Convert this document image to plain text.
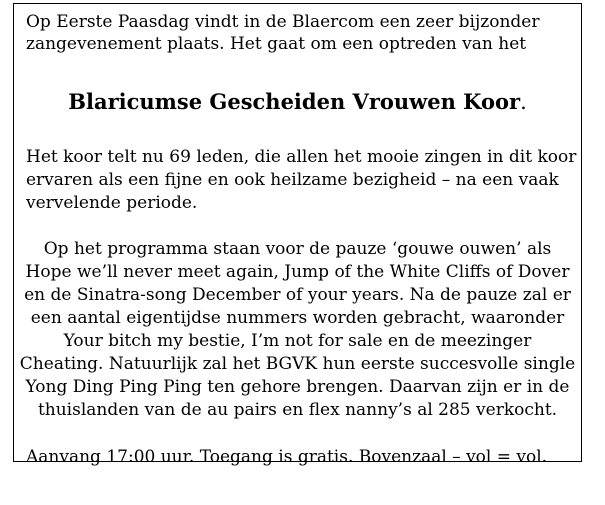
Op Eerste Paasdag vindt in de Blaercom een zeer bijzonder
zangevenement plaats. Het gaat om een optreden van het
Blaricumse Gescheiden Vrouwen Koor.
Het koor telt nu 69 leden, die allen het mooie zingen in dit koor
ervaren als een fijne en ook heilzame bezigheid – na een vaak
vervelende periode.
Op het programma staan voor de pauze ‘gouwe ouwen’ als
Hope we’ll never meet again, Jump of the White Cliffs of Dover
en de Sinatra-song December of your years. Na de pauze zal er
een aantal eigentijdse nummers worden gebracht, waaronder
Your bitch my bestie, I’m not for sale en de meezinger
Cheating. Natuurlijk zal het BGVK hun eerste succesvolle single
Yong Ding Ping Ping ten gehore brengen. Daarvan zijn er in de
thuislanden van de au pairs en flex nanny’s al 285 verkocht.
Aanvang 17:00 uur. Toegang is gratis. Bovenzaal – vol = vol.
